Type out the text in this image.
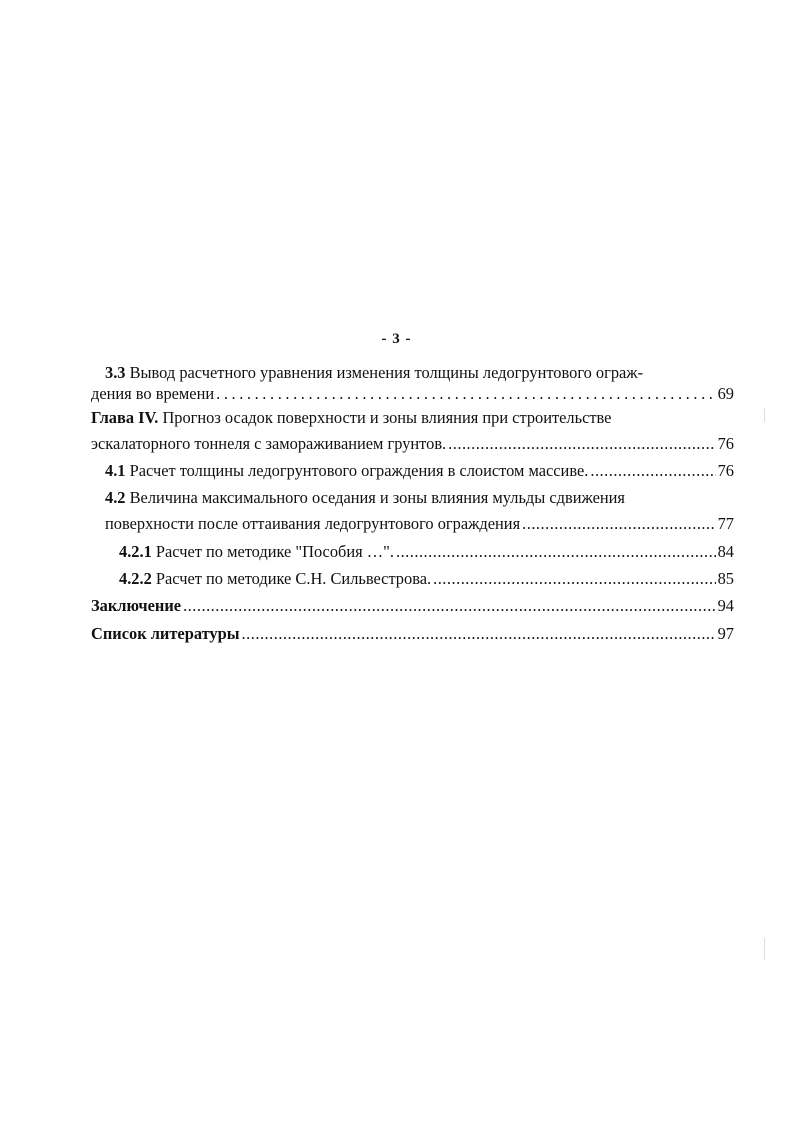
- 3 -
3.3 Вывод расчетного уравнения изменения толщины ледогрунтового ограж-
дения во времени .....	69
Глава IV. Прогноз осадок поверхности и зоны влияния при строительстве
эскалаторного тоннеля с замораживанием грунтов. .....	76
4.1 Расчет толщины ледогрунтового ограждения в слоистом массиве. .....	76
4.2 Величина максимального оседания и зоны влияния мульды сдвижения
поверхности после оттаивания ледогрунтового ограждения .....	77
4.2.1 Расчет по методике "Пособия …". .....	84
4.2.2 Расчет по методике С.Н. Сильвестрова. .....	85
Заключение .....	94
Список литературы .....	97
